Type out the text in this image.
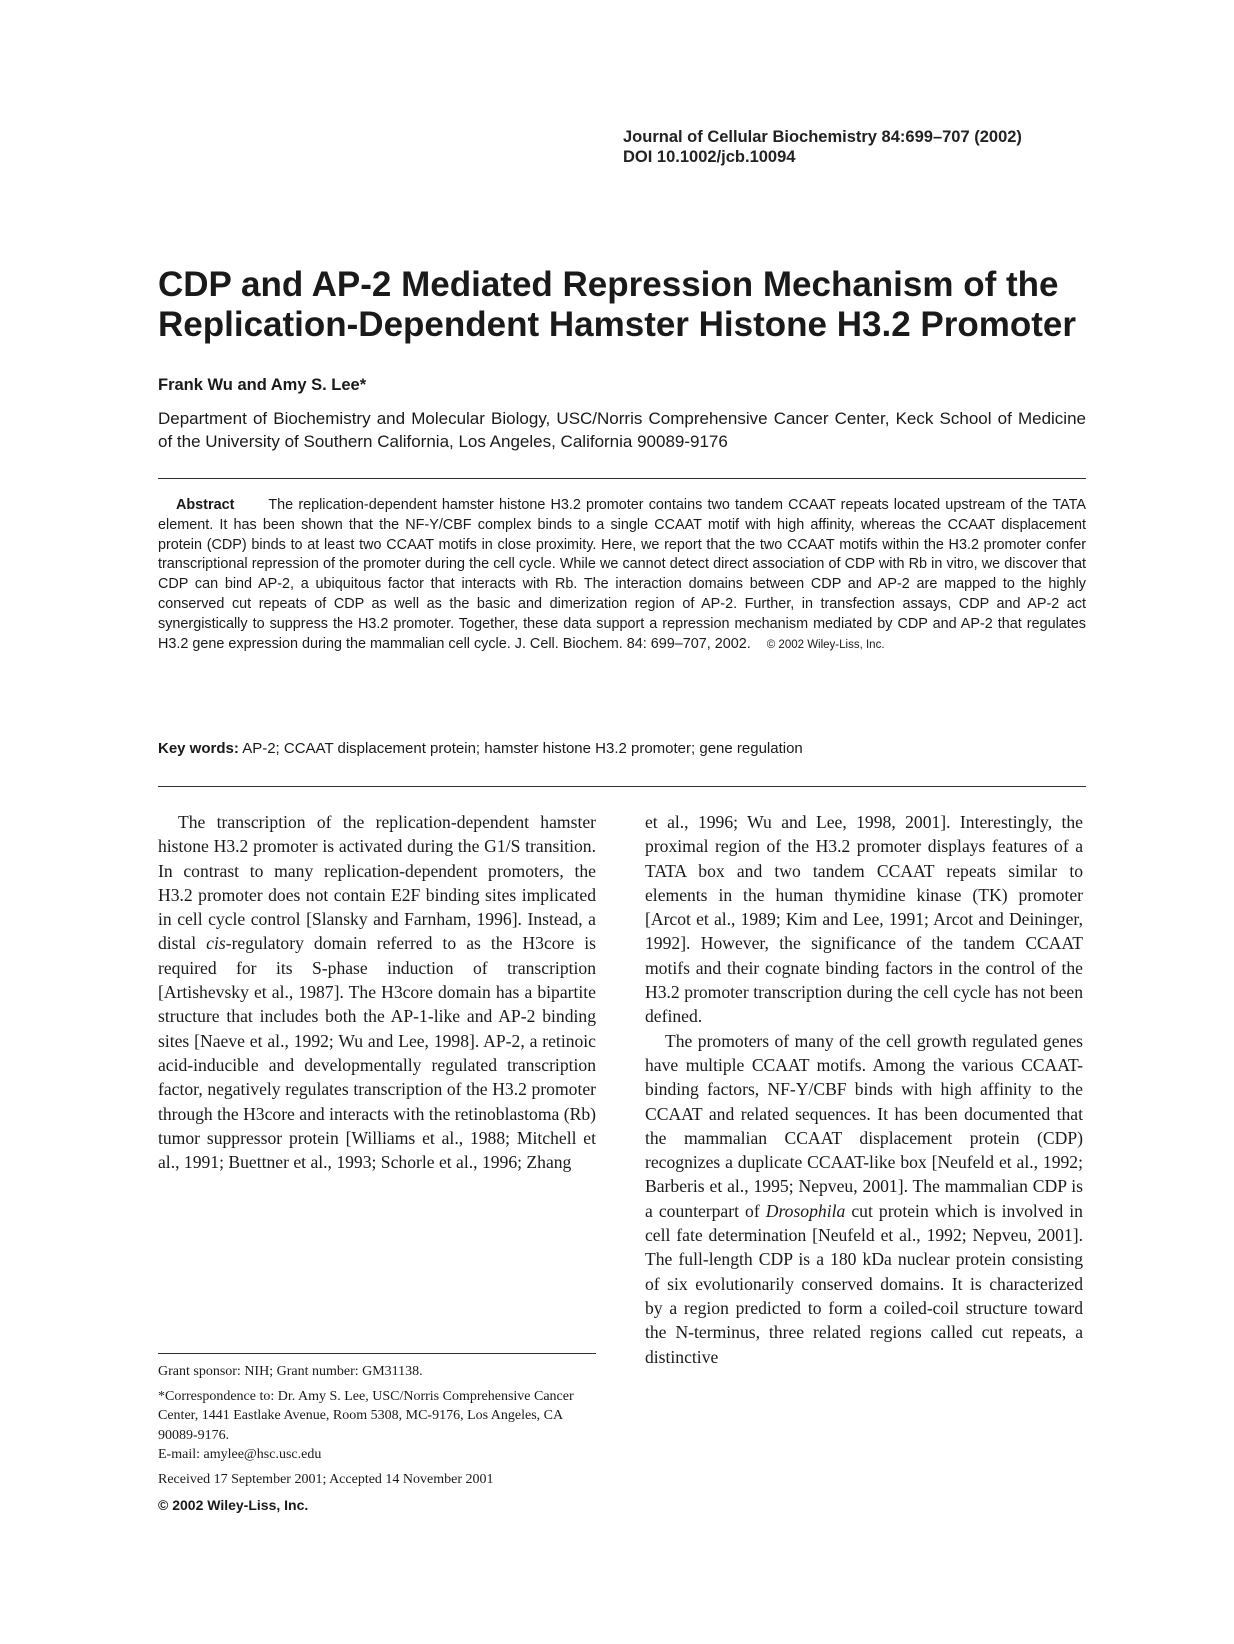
Journal of Cellular Biochemistry 84:699–707 (2002)
DOI 10.1002/jcb.10094
CDP and AP-2 Mediated Repression Mechanism of the
Replication-Dependent Hamster Histone H3.2 Promoter
Frank Wu and Amy S. Lee*
Department of Biochemistry and Molecular Biology, USC/Norris Comprehensive Cancer Center, Keck School of Medicine of the University of Southern California, Los Angeles, California 90089-9176

Abstract The replication-dependent hamster histone H3.2 promoter contains two tandem CCAAT repeats located upstream of the TATA element. It has been shown that the NF-Y/CBF complex binds to a single CCAAT motif with high affinity, whereas the CCAAT displacement protein (CDP) binds to at least two CCAAT motifs in close proximity. Here, we report that the two CCAAT motifs within the H3.2 promoter confer transcriptional repression of the promoter during the cell cycle. While we cannot detect direct association of CDP with Rb in vitro, we discover that CDP can bind AP-2, a ubiquitous factor that interacts with Rb. The interaction domains between CDP and AP-2 are mapped to the highly conserved cut repeats of CDP as well as the basic and dimerization region of AP-2. Further, in transfection assays, CDP and AP-2 act synergistically to suppress the H3.2 promoter. Together, these data support a repression mechanism mediated by CDP and AP-2 that regulates H3.2 gene expression during the mammalian cell cycle. J. Cell. Biochem. 84: 699–707, 2002. © 2002 Wiley-Liss, Inc.

Key words: AP-2; CCAAT displacement protein; hamster histone H3.2 promoter; gene regulation

The transcription of the replication-dependent hamster histone H3.2 promoter is activated during the G1/S transition. In contrast to many replication-dependent promoters, the H3.2 promoter does not contain E2F binding sites implicated in cell cycle control [Slansky and Farnham, 1996]. Instead, a distal cis-regulatory domain referred to as the H3core is required for its S-phase induction of transcription [Artishevsky et al., 1987]. The H3core domain has a bipartite structure that includes both the AP-1-like and AP-2 binding sites [Naeve et al., 1992; Wu and Lee, 1998]. AP-2, a retinoic acid-inducible and developmentally regulated transcription factor, negatively regulates transcription of the H3.2 promoter through the H3core and interacts with the retinoblastoma (Rb) tumor suppressor protein [Williams et al., 1988; Mitchell et al., 1991; Buettner et al., 1993; Schorle et al., 1996; Zhang

et al., 1996; Wu and Lee, 1998, 2001]. Interestingly, the proximal region of the H3.2 promoter displays features of a TATA box and two tandem CCAAT repeats similar to elements in the human thymidine kinase (TK) promoter [Arcot et al., 1989; Kim and Lee, 1991; Arcot and Deininger, 1992]. However, the significance of the tandem CCAAT motifs and their cognate binding factors in the control of the H3.2 promoter transcription during the cell cycle has not been defined.

The promoters of many of the cell growth regulated genes have multiple CCAAT motifs. Among the various CCAAT-binding factors, NF-Y/CBF binds with high affinity to the CCAAT and related sequences. It has been documented that the mammalian CCAAT displacement protein (CDP) recognizes a duplicate CCAAT-like box [Neufeld et al., 1992; Barberis et al., 1995; Nepveu, 2001]. The mammalian CDP is a counterpart of Drosophila cut protein which is involved in cell fate determination [Neufeld et al., 1992; Nepveu, 2001]. The full-length CDP is a 180 kDa nuclear protein consisting of six evolutionarily conserved domains. It is characterized by a region predicted to form a coiled-coil structure toward the N-terminus, three related regions called cut repeats, a distinctive

Grant sponsor: NIH; Grant number: GM31138.

*Correspondence to: Dr. Amy S. Lee, USC/Norris Comprehensive Cancer Center, 1441 Eastlake Avenue, Room 5308, MC-9176, Los Angeles, CA 90089-9176.

E-mail: amylee@hsc.usc.edu

Received 17 September 2001; Accepted 14 November 2001

© 2002 Wiley-Liss, Inc.
